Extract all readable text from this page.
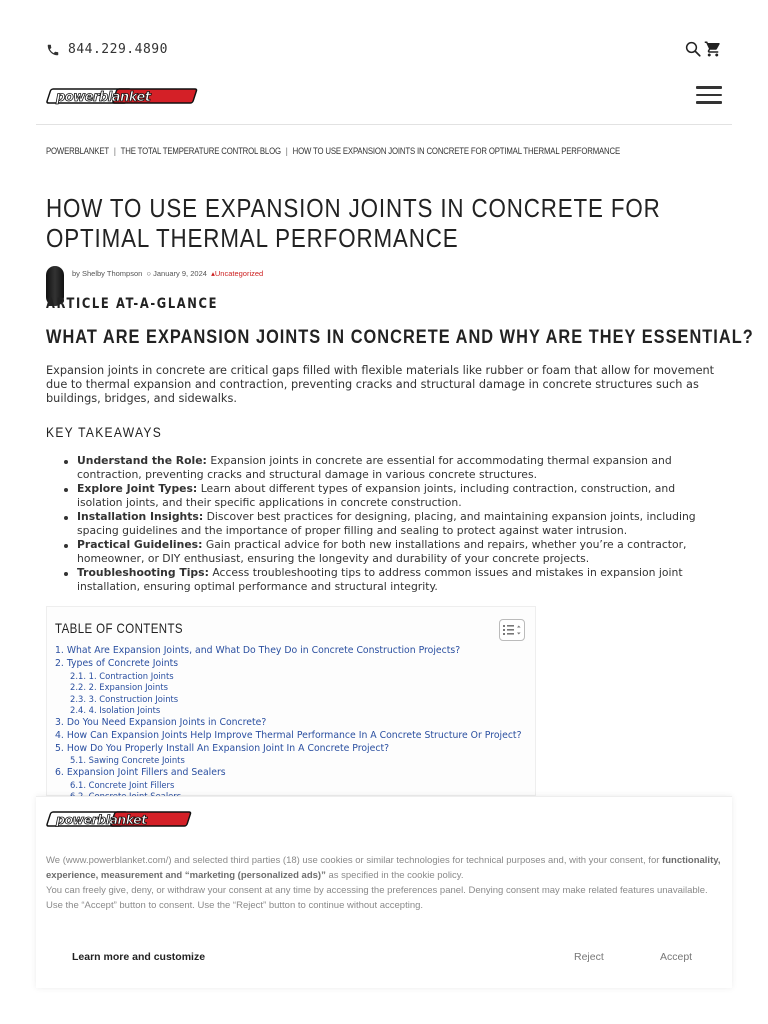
844.229.4890
powerblanket
POWERBLANKET | THE TOTAL TEMPERATURE CONTROL BLOG | HOW TO USE EXPANSION JOINTS IN CONCRETE FOR OPTIMAL THERMAL PERFORMANCE
HOW TO USE EXPANSION JOINTS IN CONCRETE FOR OPTIMAL THERMAL PERFORMANCE
by Shelby Thompson ○ January 9, 2024 ▴Uncategorized
ARTICLE AT-A-GLANCE
WHAT ARE EXPANSION JOINTS IN CONCRETE AND WHY ARE THEY ESSENTIAL?

Expansion joints in concrete are critical gaps filled with flexible materials like rubber or foam that allow for movement due to thermal expansion and contraction, preventing cracks and structural damage in concrete structures such as buildings, bridges, and sidewalks.

KEY TAKEAWAYS
Understand the Role: Expansion joints in concrete are essential for accommodating thermal expansion and contraction, preventing cracks and structural damage in various concrete structures.
Explore Joint Types: Learn about different types of expansion joints, including contraction, construction, and isolation joints, and their specific applications in concrete construction.
Installation Insights: Discover best practices for designing, placing, and maintaining expansion joints, including spacing guidelines and the importance of proper filling and sealing to protect against water intrusion.
Practical Guidelines: Gain practical advice for both new installations and repairs, whether you’re a contractor, homeowner, or DIY enthusiast, ensuring the longevity and durability of your concrete projects.
Troubleshooting Tips: Access troubleshooting tips to address common issues and mistakes in expansion joint installation, ensuring optimal performance and structural integrity.
TABLE OF CONTENTS
1. What Are Expansion Joints, and What Do They Do in Concrete Construction Projects?
2. Types of Concrete Joints
2.1. 1. Contraction Joints
2.2. 2. Expansion Joints
2.3. 3. Construction Joints
2.4. 4. Isolation Joints
3. Do You Need Expansion Joints in Concrete?
4. How Can Expansion Joints Help Improve Thermal Performance In A Concrete Structure Or Project?
5. How Do You Properly Install An Expansion Joint In A Concrete Project?
5.1. Sawing Concrete Joints
6. Expansion Joint Fillers and Sealers
6.1. Concrete Joint Fillers
powerblanket
We (www.powerblanket.com/) and selected third parties (18) use cookies or similar technologies for technical purposes and, with your consent, for functionality, experience, measurement and “marketing (personalized ads)” as specified in the cookie policy.
You can freely give, deny, or withdraw your consent at any time by accessing the preferences panel. Denying consent may make related features unavailable.
Use the “Accept” button to consent. Use the “Reject” button to continue without accepting.
Learn more and customize	Reject	Accept
